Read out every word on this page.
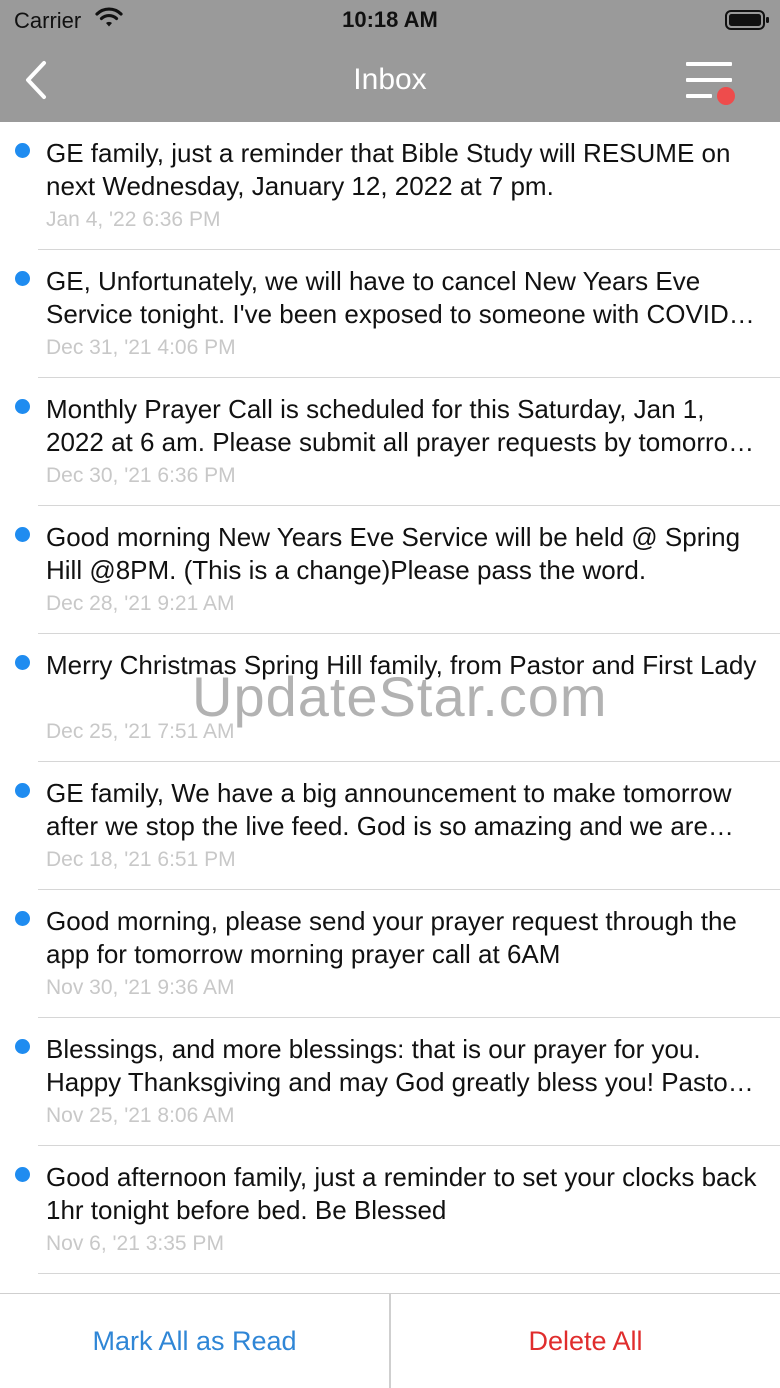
Carrier	10:18 AM
Inbox
GE family, just a reminder that Bible Study will RESUME on next Wednesday, January 12, 2022 at 7 pm.
Jan 4, '22 6:36 PM
GE, Unfortunately, we will have to cancel New Years Eve Service tonight. I've been exposed to someone with COVID
Dec 31, '21 4:06 PM
Monthly Prayer Call is scheduled for this Saturday, Jan 1, 2022 at 6 am. Please submit all prayer requests by tomorrow
Dec 30, '21 6:36 PM
Good morning New Years Eve Service will be held @ Spring Hill @8PM. (This is a change)Please pass the word.
Dec 28, '21 9:21 AM
Merry Christmas Spring Hill family, from Pastor and First Lady
Dec 25, '21 7:51 AM
GE family, We have a big announcement to make tomorrow after we stop the live feed. God is so amazing and we are
Dec 18, '21 6:51 PM
Good morning, please send your prayer request through the app for tomorrow morning prayer call at 6AM
Nov 30, '21 9:36 AM
Blessings, and more blessings: that is our prayer for you. Happy Thanksgiving and may God greatly bless you! Pastor
Nov 25, '21 8:06 AM
Good afternoon family, just a reminder to set your clocks back 1hr tonight before bed. Be Blessed
Nov 6, '21 3:35 PM
Mark All as Read	Delete All
UpdateStar.com
